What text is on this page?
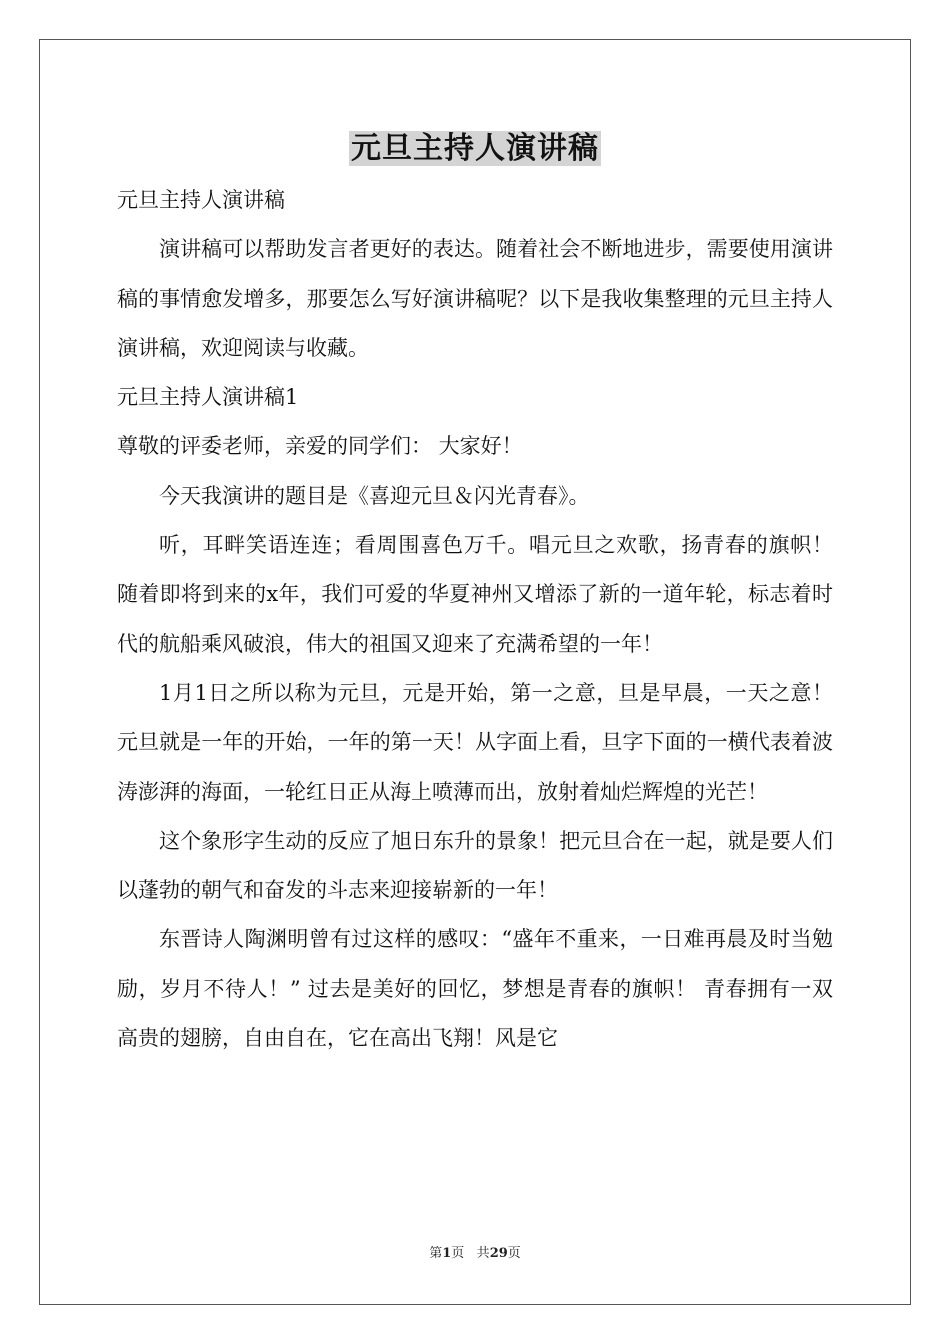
元旦主持人演讲稿

元旦主持人演讲稿

演讲稿可以帮助发言者更好的表达。随着社会不断地进步，需要使用演讲稿的事情愈发增多，那要怎么写好演讲稿呢？以下是我收集整理的元旦主持人演讲稿，欢迎阅读与收藏。

元旦主持人演讲稿1

尊敬的评委老师，亲爱的同学们： 大家好！

今天我演讲的题目是《喜迎元旦＆闪光青春》。

听，耳畔笑语连连；看周围喜色万千。唱元旦之欢歌，扬青春的旗帜！ 随着即将到来的x年，我们可爱的华夏神州又增添了新的一道年轮，标志着时代的航船乘风破浪，伟大的祖国又迎来了充满希望的一年！

1月1日之所以称为元旦，元是开始，第一之意，旦是早晨，一天之意！元旦就是一年的开始，一年的第一天！从字面上看，旦字下面的一横代表着波涛澎湃的海面，一轮红日正从海上喷薄而出，放射着灿烂辉煌的光芒！

这个象形字生动的反应了旭日东升的景象！把元旦合在一起，就是要人们以蓬勃的朝气和奋发的斗志来迎接崭新的一年！

东晋诗人陶渊明曾有过这样的感叹：“盛年不重来，一日难再晨及时当勉励，岁月不待人！” 过去是美好的回忆，梦想是青春的旗帜！ 青春拥有一双高贵的翅膀，自由自在，它在高出飞翔！风是它

第1页 共29页
